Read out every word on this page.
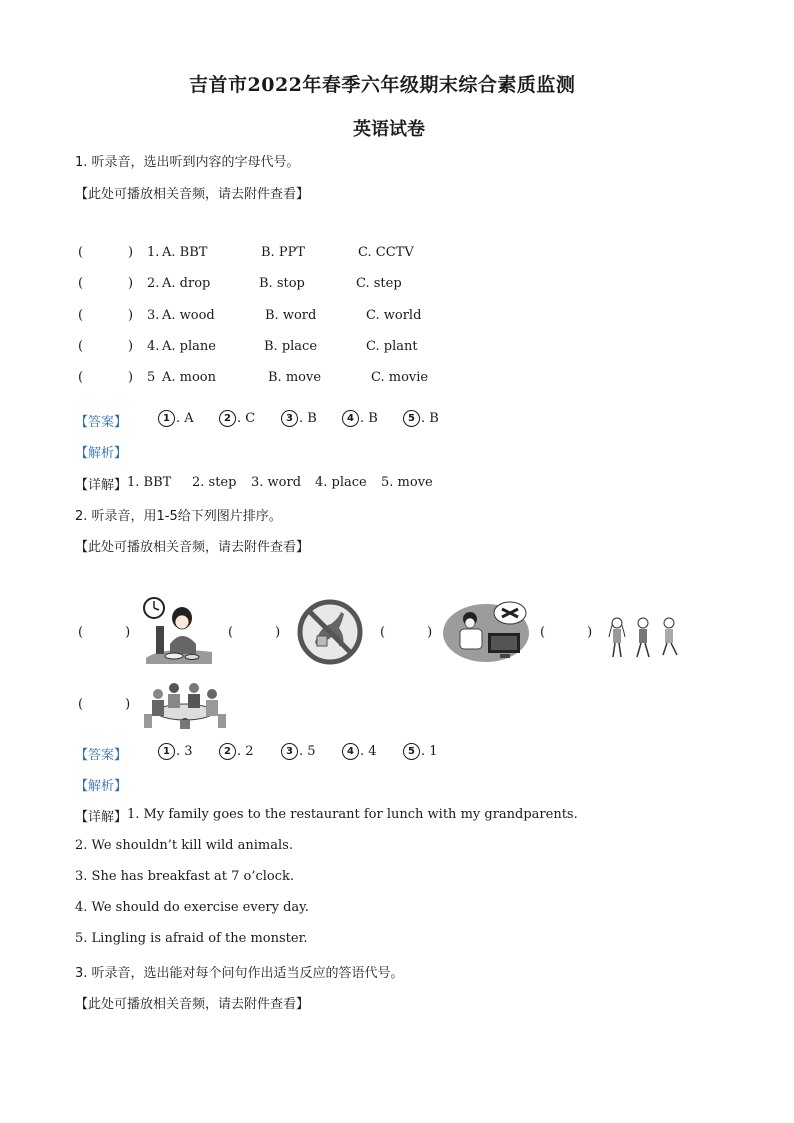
吉首市2022年春季六年级期末综合素质监测
英语试卷
1. 听录音，选出听到内容的字母代号。
【此处可播放相关音频，请去附件查看】
(	) 1. A. BBT	B. PPT	C. CCTV
(	) 2. A. drop	B. stop	C. step
(	) 3. A. wood	B. word	C. world
(	) 4. A. plane	B. place	C. plant
(	) 5 A. moon	B. move	C. movie
【答案】	1 . A	2 . C	3 . B	4 . B	5 . B
【解析】
【详解】 1. BBT 2. step 3. word 4. place 5. move
2. 听录音，用1-5给下列图片排序。
【此处可播放相关音频，请去附件查看】
(	)	(	)	(	)	(	)
(	)
【答案】	1 . 3	2 . 2	3 . 5	4 . 4	5 . 1
【解析】
【详解】 1. My family goes to the restaurant for lunch with my grandparents.
2. We shouldn’t kill wild animals.
3. She has breakfast at 7 o’clock.
4. We should do exercise every day.
5. Lingling is afraid of the monster.
3. 听录音，选出能对每个问句作出适当反应的答语代号。
【此处可播放相关音频，请去附件查看】
